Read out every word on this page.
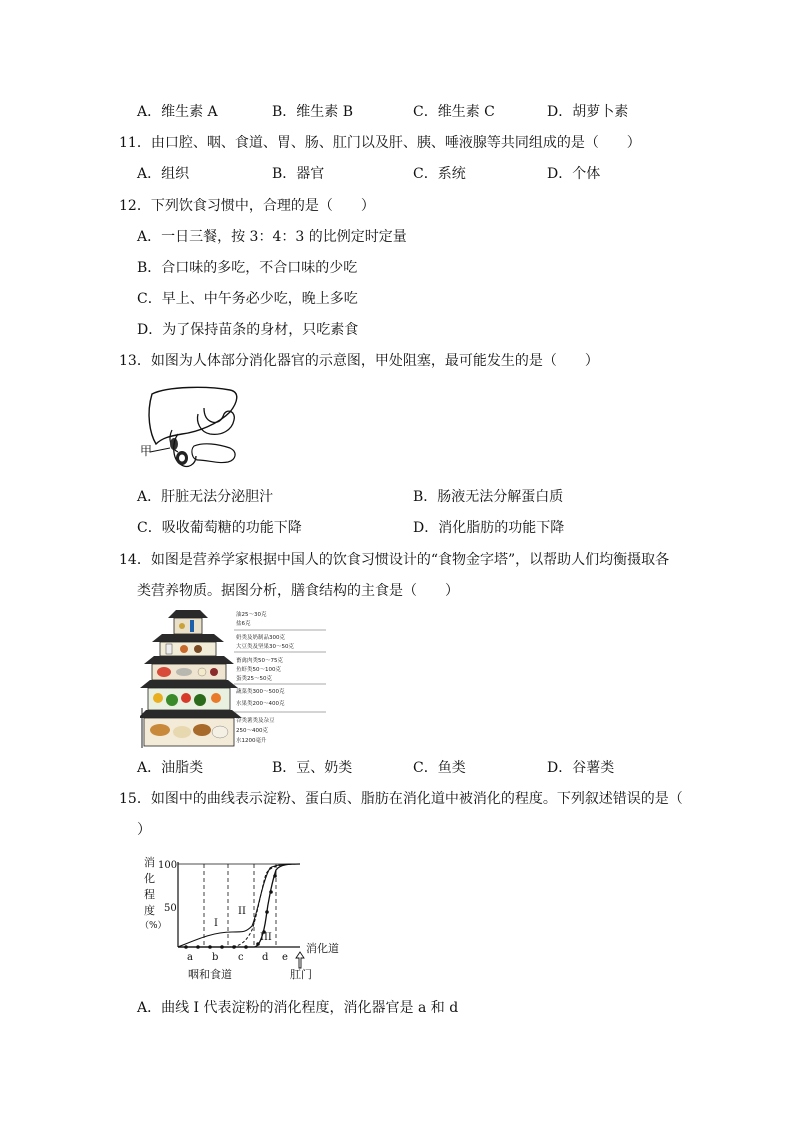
A．维生素 A	B．维生素 B	C．维生素 C	D．胡萝卜素
11．由口腔、咽、食道、胃、肠、肛门以及肝、胰、唾液腺等共同组成的是（　　）
A．组织	B．器官	C．系统	D．个体
12．下列饮食习惯中，合理的是（　　）
A．一日三餐，按 3：4：3 的比例定时定量
B．合口味的多吃，不合口味的少吃
C．早上、中午务必少吃，晚上多吃
D．为了保持苗条的身材，只吃素食
13．如图为人体部分消化器官的示意图，甲处阻塞，最可能发生的是（　　）
甲
A．肝脏无法分泌胆汁	B．肠液无法分解蛋白质
C．吸收葡萄糖的功能下降	D．消化脂肪的功能下降
14．如图是营养学家根据中国人的饮食习惯设计的“食物金字塔”，以帮助人们均衡摄取各
类营养物质。据图分析，膳食结构的主食是（　　）
油25～30克
盐6克
奶类及奶制品300克
大豆类及坚果30～50克
畜禽肉类50～75克
鱼虾类50～100克
蛋类25～50克
蔬菜类300～500克
水果类200～400克
谷类薯类及杂豆
250～400克
水1200毫升
A．油脂类	B．豆、奶类	C．鱼类	D．谷薯类
15．如图中的曲线表示淀粉、蛋白质、脂肪在消化道中被消化的程度。下列叙述错误的是（
）
消
化
程
度
（%）
100
50
I
II
III
a b c d e
消化道
咽和食道	肛门
A．曲线 I 代表淀粉的消化程度，消化器官是 a 和 d
